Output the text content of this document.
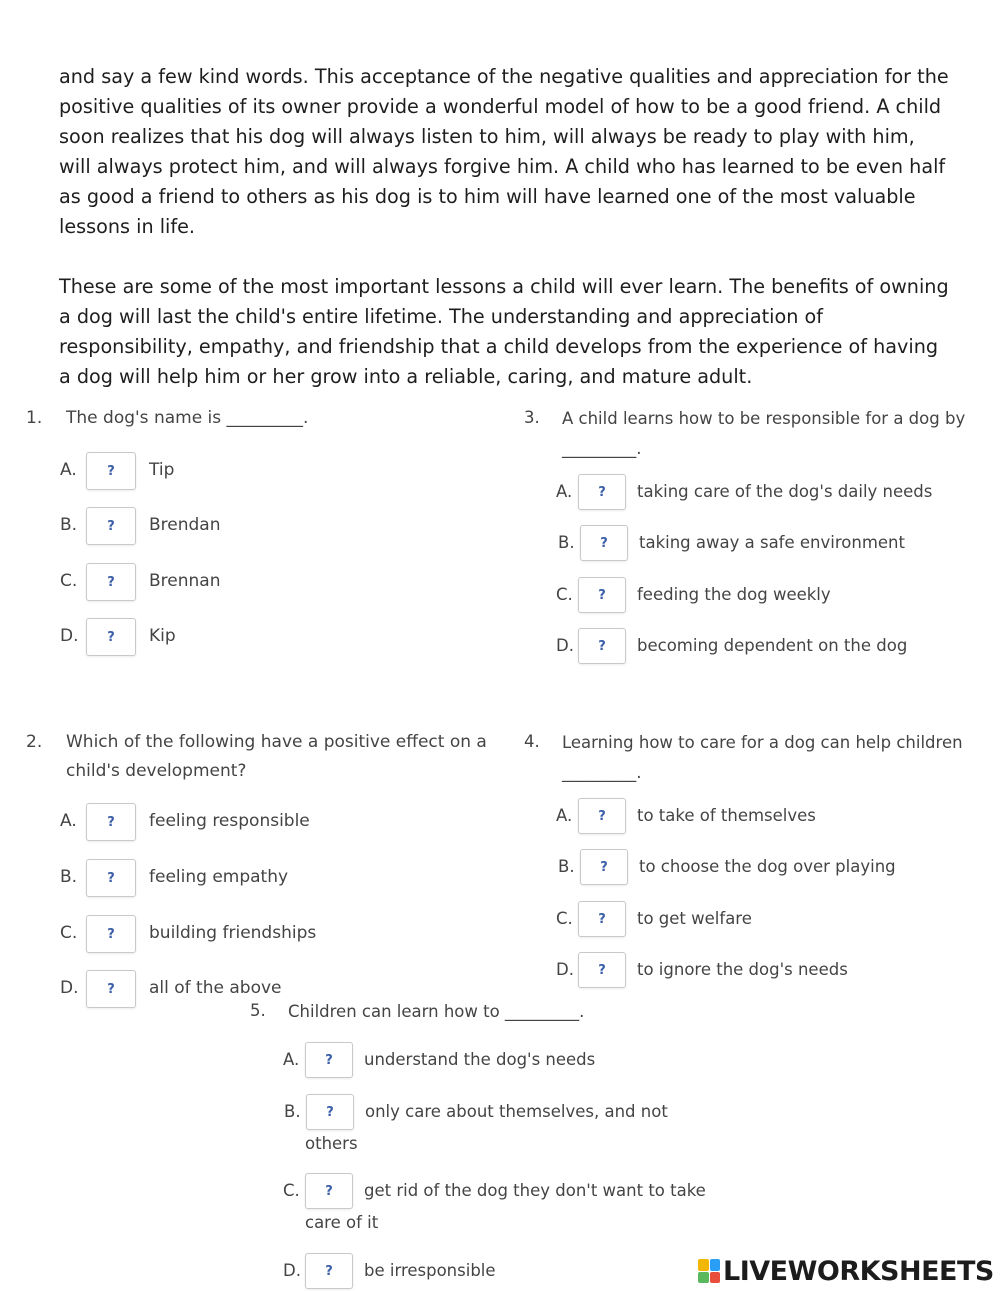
and say a few kind words. This acceptance of the negative qualities and appreciation for the
positive qualities of its owner provide a wonderful model of how to be a good friend. A child
soon realizes that his dog will always listen to him, will always be ready to play with him,
will always protect him, and will always forgive him. A child who has learned to be even half
as good a friend to others as his dog is to him will have learned one of the most valuable
lessons in life.
These are some of the most important lessons a child will ever learn. The benefits of owning
a dog will last the child's entire lifetime. The understanding and appreciation of
responsibility, empathy, and friendship that a child develops from the experience of having
a dog will help him or her grow into a reliable, caring, and mature adult.
1. The dog's name is _________.
A.	?	Tip
B.	?	Brendan
C.	?	Brennan
D.	?	Kip
2. Which of the following have a positive effect on a
child's development?
A.	?	feeling responsible
B.	?	feeling empathy
C.	?	building friendships
D.	?	all of the above
3. A child learns how to be responsible for a dog by
_________.
A.	?	taking care of the dog's daily needs
B.	?	taking away a safe environment
C.	?	feeding the dog weekly
D.	?	becoming dependent on the dog
4. Learning how to care for a dog can help children
_________.
A.	?	to take of themselves
B.	?	to choose the dog over playing
C.	?	to get welfare
D.	?	to ignore the dog's needs
5. Children can learn how to _________.
A.	?	understand the dog's needs
B.	?	only care about themselves, and not
others
C.	?	get rid of the dog they don't want to take
care of it
D.	?	be irresponsible	LIVEWORKSHEETS
